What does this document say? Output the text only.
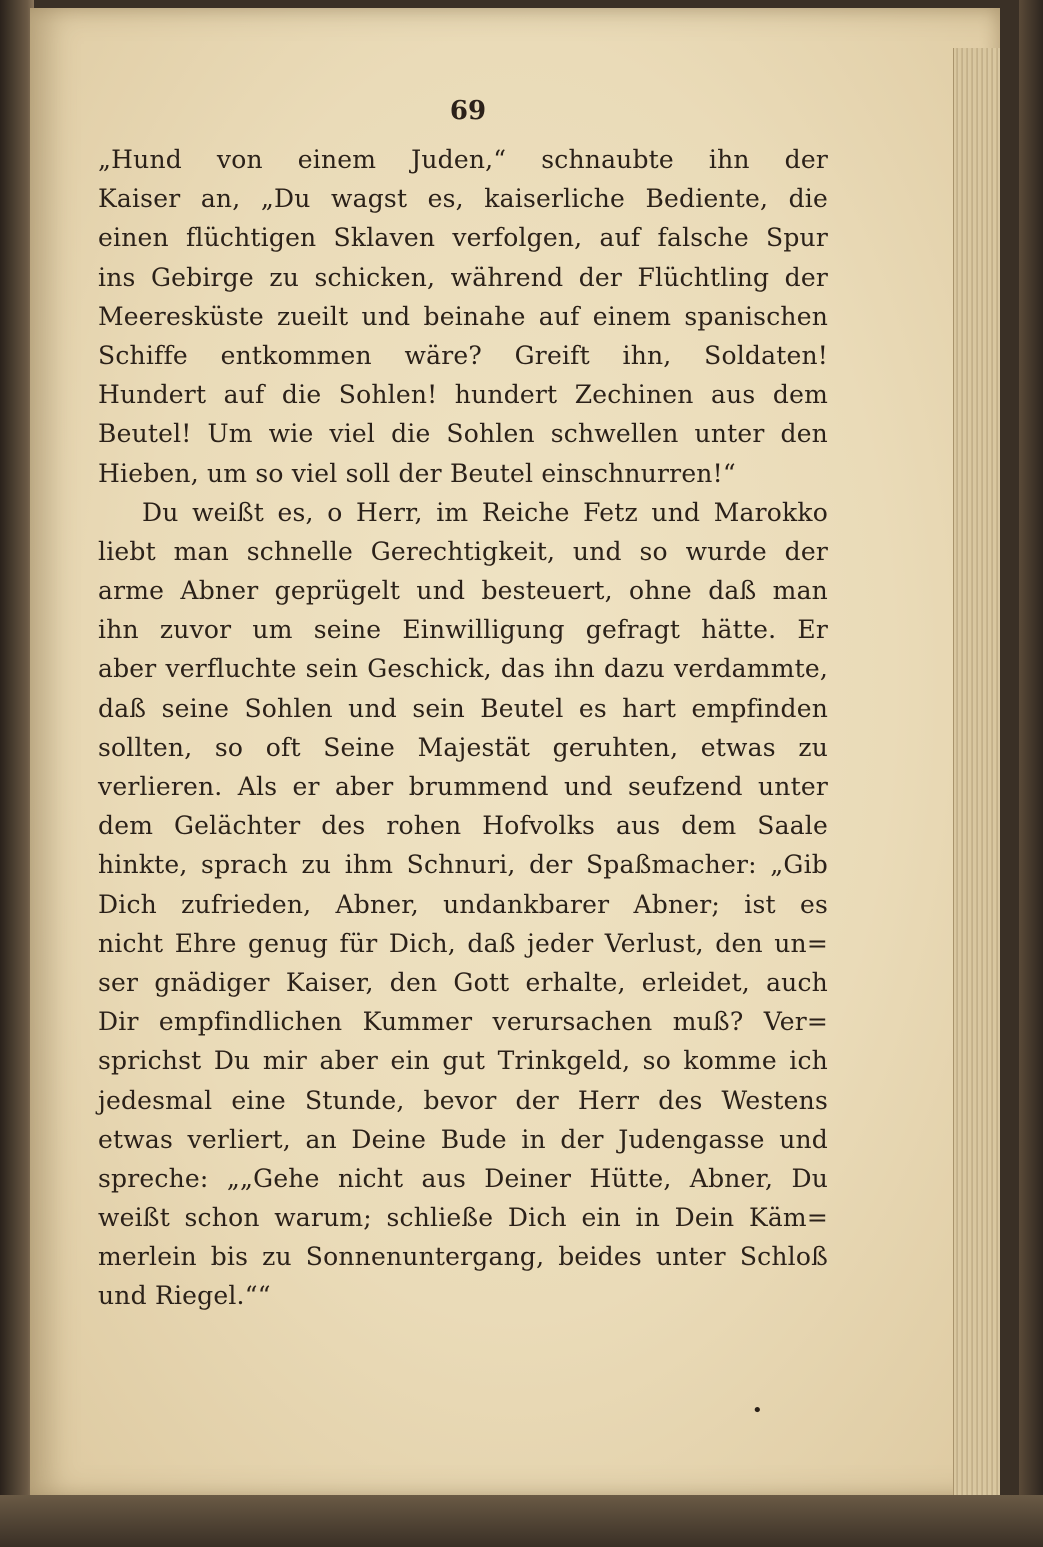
69
„Hund von einem Juden,“ schnaubte ihn der
Kaiser an, „Du wagst es, kaiserliche Bediente, die
einen flüchtigen Sklaven verfolgen, auf falsche Spur
ins Gebirge zu schicken, während der Flüchtling der
Meeresküste zueilt und beinahe auf einem spanischen
Schiffe entkommen wäre? Greift ihn, Soldaten!
Hundert auf die Sohlen! hundert Zechinen aus dem
Beutel! Um wie viel die Sohlen schwellen unter den
Hieben, um so viel soll der Beutel einschnurren!“
Du weißt es, o Herr, im Reiche Fetz und Marokko
liebt man schnelle Gerechtigkeit, und so wurde der
arme Abner geprügelt und besteuert, ohne daß man
ihn zuvor um seine Einwilligung gefragt hätte. Er
aber verfluchte sein Geschick, das ihn dazu verdammte,
daß seine Sohlen und sein Beutel es hart empfinden
sollten, so oft Seine Majestät geruhten, etwas zu
verlieren. Als er aber brummend und seufzend unter
dem Gelächter des rohen Hofvolks aus dem Saale
hinkte, sprach zu ihm Schnuri, der Spaßmacher: „Gib
Dich zufrieden, Abner, undankbarer Abner; ist es
nicht Ehre genug für Dich, daß jeder Verlust, den un=
ser gnädiger Kaiser, den Gott erhalte, erleidet, auch
Dir empfindlichen Kummer verursachen muß? Ver=
sprichst Du mir aber ein gut Trinkgeld, so komme ich
jedesmal eine Stunde, bevor der Herr des Westens
etwas verliert, an Deine Bude in der Judengasse und
spreche: „„Gehe nicht aus Deiner Hütte, Abner, Du
weißt schon warum; schließe Dich ein in Dein Käm=
merlein bis zu Sonnenuntergang, beides unter Schloß
und Riegel.““
•
